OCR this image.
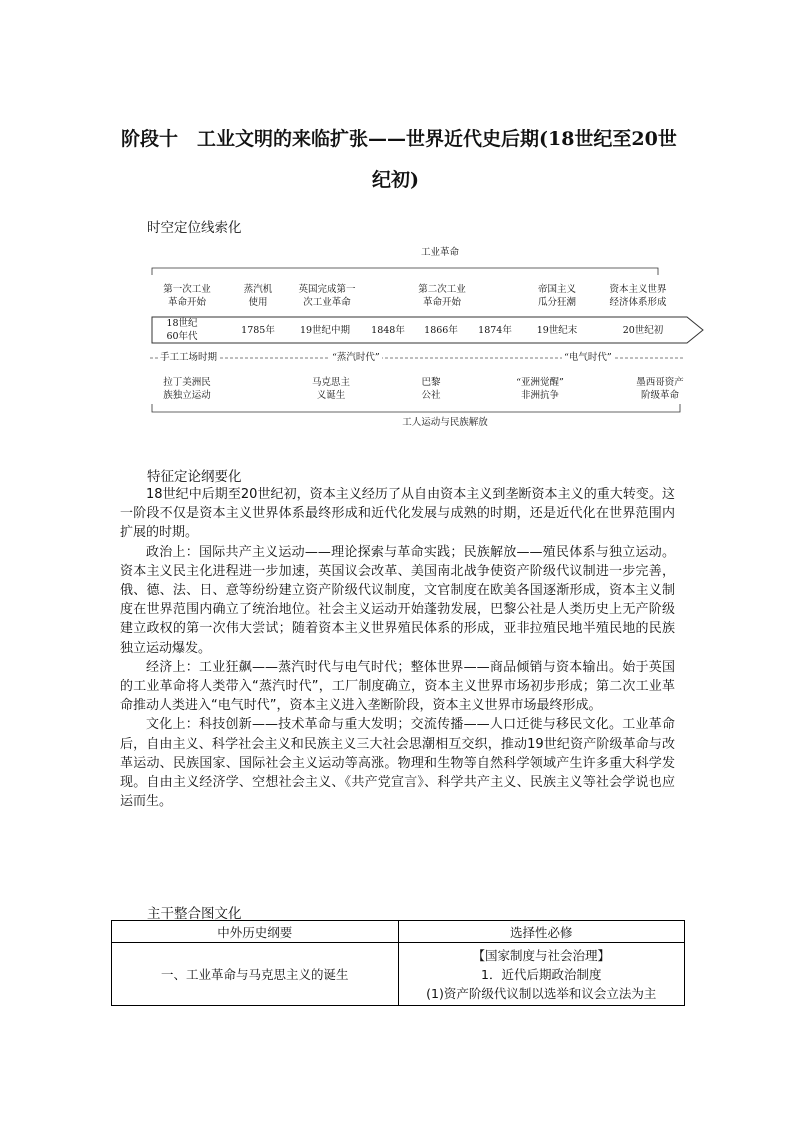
阶段十　工业文明的来临扩张——世界近代史后期(18世纪至20世
纪初)
时空定位线索化
工业革命
第一次工业
革命开始
蒸汽机
使用
英国完成第一
次工业革命
第二次工业
革命开始
帝国主义
瓜分狂潮
资本主义世界
经济体系形成
18世纪
60年代
1785年	19世纪中期	1848年	1866年	1874年	19世纪末	20世纪初
手工工场时期	“蒸汽时代”	“电气时代”
拉丁美洲民
族独立运动
马克思主
义诞生
巴黎
公社
“亚洲觉醒”
非洲抗争
墨西哥资产
阶级革命
工人运动与民族解放
特征定论纲要化

18世纪中后期至20世纪初，资本主义经历了从自由资本主义到垄断资本主义的重大转变。这一阶段不仅是资本主义世界体系最终形成和近代化发展与成熟的时期，还是近代化在世界范围内扩展的时期。

政治上：国际共产主义运动——理论探索与革命实践；民族解放——殖民体系与独立运动。资本主义民主化进程进一步加速，英国议会改革、美国南北战争使资产阶级代议制进一步完善，俄、德、法、日、意等纷纷建立资产阶级代议制度，文官制度在欧美各国逐渐形成，资本主义制度在世界范围内确立了统治地位。社会主义运动开始蓬勃发展，巴黎公社是人类历史上无产阶级建立政权的第一次伟大尝试；随着资本主义世界殖民体系的形成，亚非拉殖民地半殖民地的民族独立运动爆发。

经济上：工业狂飙——蒸汽时代与电气时代；整体世界——商品倾销与资本输出。始于英国的工业革命将人类带入“蒸汽时代”，工厂制度确立，资本主义世界市场初步形成；第二次工业革命推动人类进入“电气时代”，资本主义进入垄断阶段，资本主义世界市场最终形成。

文化上：科技创新——技术革命与重大发明；交流传播——人口迁徙与移民文化。工业革命后，自由主义、科学社会主义和民族主义三大社会思潮相互交织，推动19世纪资产阶级革命与改革运动、民族国家、国际社会主义运动等高涨。物理和生物等自然科学领域产生许多重大科学发现。自由主义经济学、空想社会主义、《共产党宣言》、科学共产主义、民族主义等社会学说也应运而生。

主干整合图文化
中外历史纲要	选择性必修
一、工业革命与马克思主义的诞生	【国家制度与社会治理】
1．近代后期政治制度
(1)资产阶级代议制以选举和议会立法为主
